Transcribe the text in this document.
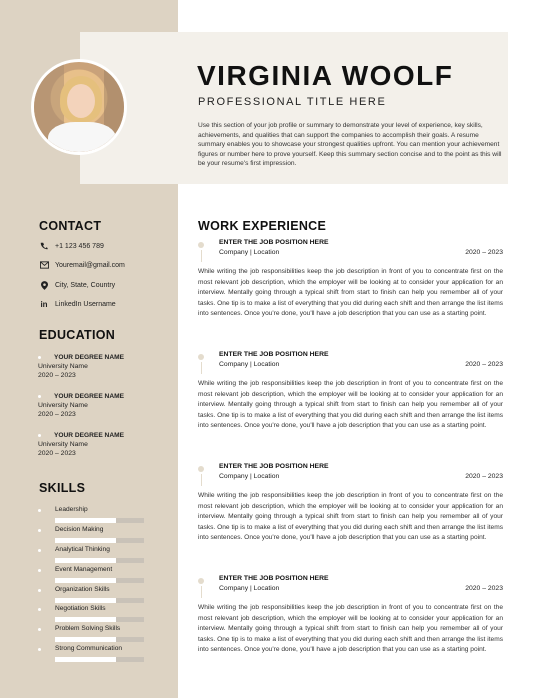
VIRGINIA WOOLF
PROFESSIONAL TITLE HERE
Use this section of your job profile or summary to demonstrate your level of experience, key skills, achievements, and qualities that can support the companies to accomplish their goals. A resume summary enables you to showcase your strongest qualities upfront. You can mention your achievement figures or number here to prove yourself. Keep this summary section concise and to the point as this will be your resume's first impression.
CONTACT
+1 123 456 789
Youremail@gmail.com
City, State, Country
in LinkedIn Username
EDUCATION
YOUR DEGREE NAME
University Name
2020 – 2023
YOUR DEGREE NAME
University Name
2020 – 2023
YOUR DEGREE NAME
University Name
2020 – 2023
SKILLS
Leadership
Decision Making
Analytical Thinking
Event Management
Organization Skills
Negotiation Skills
Problem Solving Skills
Strong Communication
WORK EXPERIENCE
ENTER THE JOB POSITION HERE
Company | Location	2020 – 2023
While writing the job responsibilities keep the job description in front of you to concentrate first on the most relevant job description, which the employer will be looking at to consider your application for an interview. Mentally going through a typical shift from start to finish can help you remember all of your tasks. One tip is to make a list of everything that you did during each shift and then arrange the list items into sentences. Once you're done, you'll have a job description that you can use as a starting point.
ENTER THE JOB POSITION HERE
Company | Location	2020 – 2023
While writing the job responsibilities keep the job description in front of you to concentrate first on the most relevant job description, which the employer will be looking at to consider your application for an interview. Mentally going through a typical shift from start to finish can help you remember all of your tasks. One tip is to make a list of everything that you did during each shift and then arrange the list items into sentences. Once you're done, you'll have a job description that you can use as a starting point.
ENTER THE JOB POSITION HERE
Company | Location	2020 – 2023
While writing the job responsibilities keep the job description in front of you to concentrate first on the most relevant job description, which the employer will be looking at to consider your application for an interview. Mentally going through a typical shift from start to finish can help you remember all of your tasks. One tip is to make a list of everything that you did during each shift and then arrange the list items into sentences. Once you're done, you'll have a job description that you can use as a starting point.
ENTER THE JOB POSITION HERE
Company | Location	2020 – 2023
While writing the job responsibilities keep the job description in front of you to concentrate first on the most relevant job description, which the employer will be looking at to consider your application for an interview. Mentally going through a typical shift from start to finish can help you remember all of your tasks. One tip is to make a list of everything that you did during each shift and then arrange the list items into sentences. Once you're done, you'll have a job description that you can use as a starting point.
